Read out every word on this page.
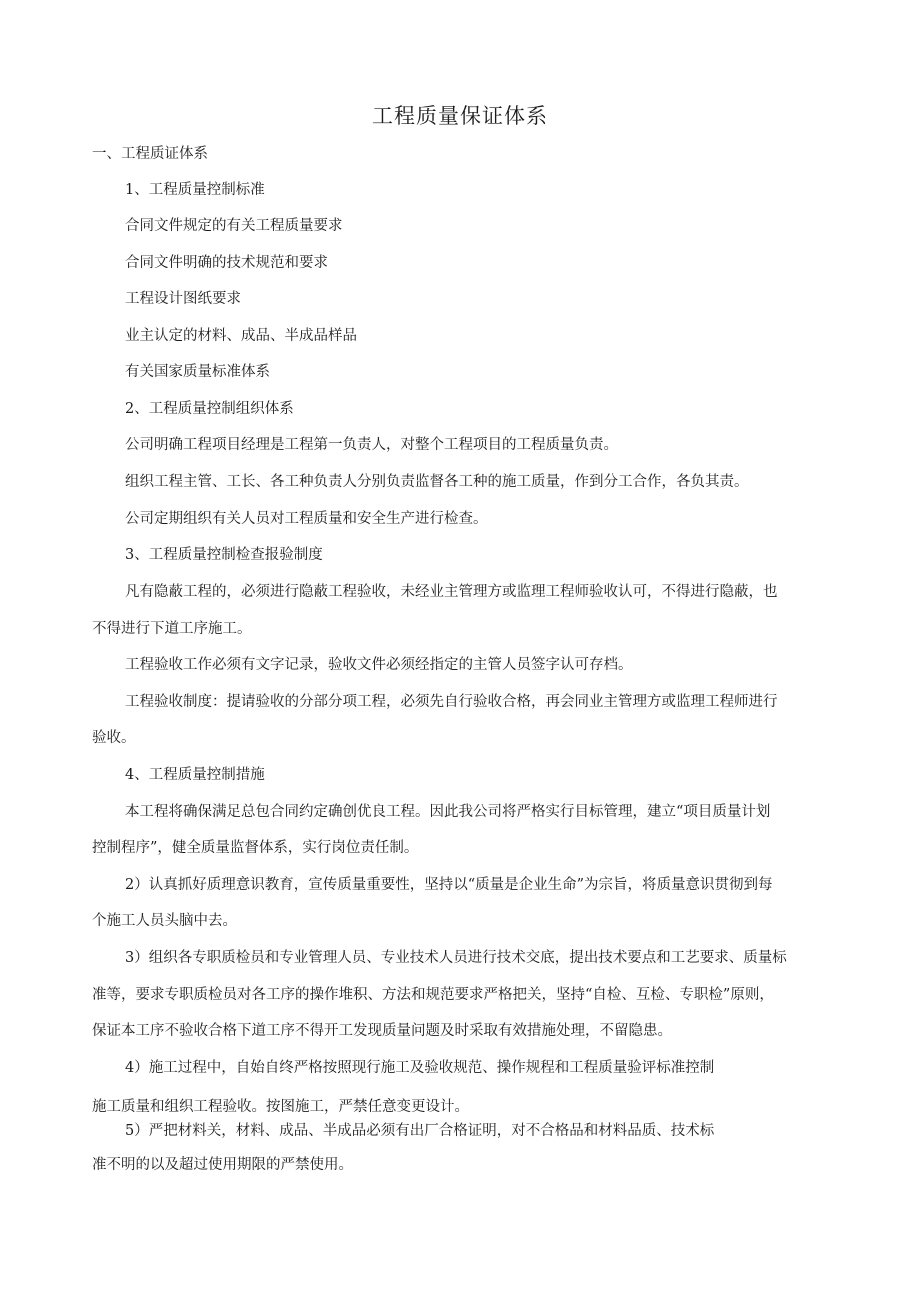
工程质量保证体系
一、工程质证体系
1、工程质量控制标准
合同文件规定的有关工程质量要求
合同文件明确的技术规范和要求
工程设计图纸要求
业主认定的材料、成品、半成品样品
有关国家质量标准体系
2、工程质量控制组织体系
公司明确工程项目经理是工程第一负责人，对整个工程项目的工程质量负责。
组织工程主管、工长、各工种负责人分别负责监督各工种的施工质量，作到分工合作，各负其责。
公司定期组织有关人员对工程质量和安全生产进行检查。
3、工程质量控制检查报验制度
凡有隐蔽工程的，必须进行隐蔽工程验收，未经业主管理方或监理工程师验收认可，不得进行隐蔽，也
不得进行下道工序施工。
工程验收工作必须有文字记录，验收文件必须经指定的主管人员签字认可存档。
工程验收制度：提请验收的分部分项工程，必须先自行验收合格，再会同业主管理方或监理工程师进行
验收。
4、工程质量控制措施
本工程将确保满足总包合同约定确创优良工程。因此我公司将严格实行目标管理，建立“项目质量计划
控制程序”，健全质量监督体系，实行岗位责任制。
2）认真抓好质理意识教育，宣传质量重要性，坚持以“质量是企业生命”为宗旨，将质量意识贯彻到每
个施工人员头脑中去。
3）组织各专职质检员和专业管理人员、专业技术人员进行技术交底，提出技术要点和工艺要求、质量标
准等，要求专职质检员对各工序的操作堆积、方法和规范要求严格把关，坚持“自检、互检、专职检”原则，
保证本工序不验收合格下道工序不得开工发现质量问题及时采取有效措施处理，不留隐患。
4）施工过程中，自始自终严格按照现行施工及验收规范、操作规程和工程质量验评标准控制
施工质量和组织工程验收。按图施工，严禁任意变更设计。
5）严把材料关，材料、成品、半成品必须有出厂合格证明，对不合格品和材料品质、技术标
准不明的以及超过使用期限的严禁使用。
